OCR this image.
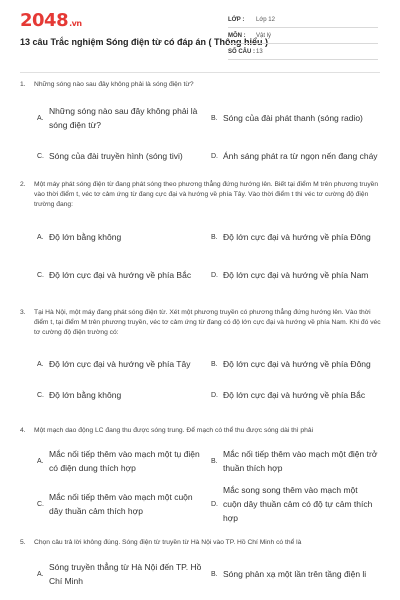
2048.vn
13 câu Trắc nghiệm Sóng điện từ có đáp án ( Thông hiểu )
LỚP :	Lớp 12
MÔN :	Vật lý
SỐ CÂU : 13
1.	Những sóng nào sau đây không phải là sóng điện từ?
A.
Những sóng nào sau đây không phải là sóng điện từ?
B. Sóng của đài phát thanh (sóng radio)
C. Sóng của đài truyền hình (sóng tivi)	D. Ánh sáng phát ra từ ngọn nến đang cháy
2.	Một máy phát sóng điện từ đang phát sóng theo phương thẳng đứng hướng lên. Biết tại điểm M trên phương truyền vào thời điểm t, véc tơ cảm ứng từ đang cực đại và hướng về phía Tây. Vào thời điểm t thì véc tơ cường độ điện trường đang:
A. Độ lớn bằng không	B. Độ lớn cực đại và hướng về phía Đông
C. Độ lớn cực đại và hướng về phía Bắc	D. Độ lớn cực đại và hướng về phía Nam
3.	Tại Hà Nội, một máy đang phát sóng điện từ. Xét một phương truyền có phương thẳng đứng hướng lên. Vào thời điểm t, tại điểm M trên phương truyền, véc tơ cảm ứng từ đang có độ lớn cực đại và hướng về phía Nam. Khi đó véc tơ cường độ điện trường có:
A. Độ lớn cực đại và hướng về phía Tây	B. Độ lớn cực đại và hướng về phía Đông
C. Độ lớn bằng không	D. Độ lớn cực đại và hướng về phía Bắc
4.	Một mạch dao động LC đang thu được sóng trung. Để mạch có thể thu được sóng dài thì phải
A.
Mắc nối tiếp thêm vào mạch một tụ điện có điện dung thích hợp
B.
Mắc nối tiếp thêm vào mạch một điện trở thuần thích hợp
C.
Mắc nối tiếp thêm vào mạch một cuộn dây thuần cảm thích hợp
D.
Mắc song song thêm vào mạch một cuộn dây thuần cảm có độ tự cảm thích hợp
5.	Chọn câu trả lời không đúng. Sóng điện từ truyền từ Hà Nội vào TP. Hồ Chí Minh có thể là
A.
Sóng truyền thẳng từ Hà Nội đến TP. Hồ Chí Minh
B. Sóng phản xạ một lần trên tầng điện li
